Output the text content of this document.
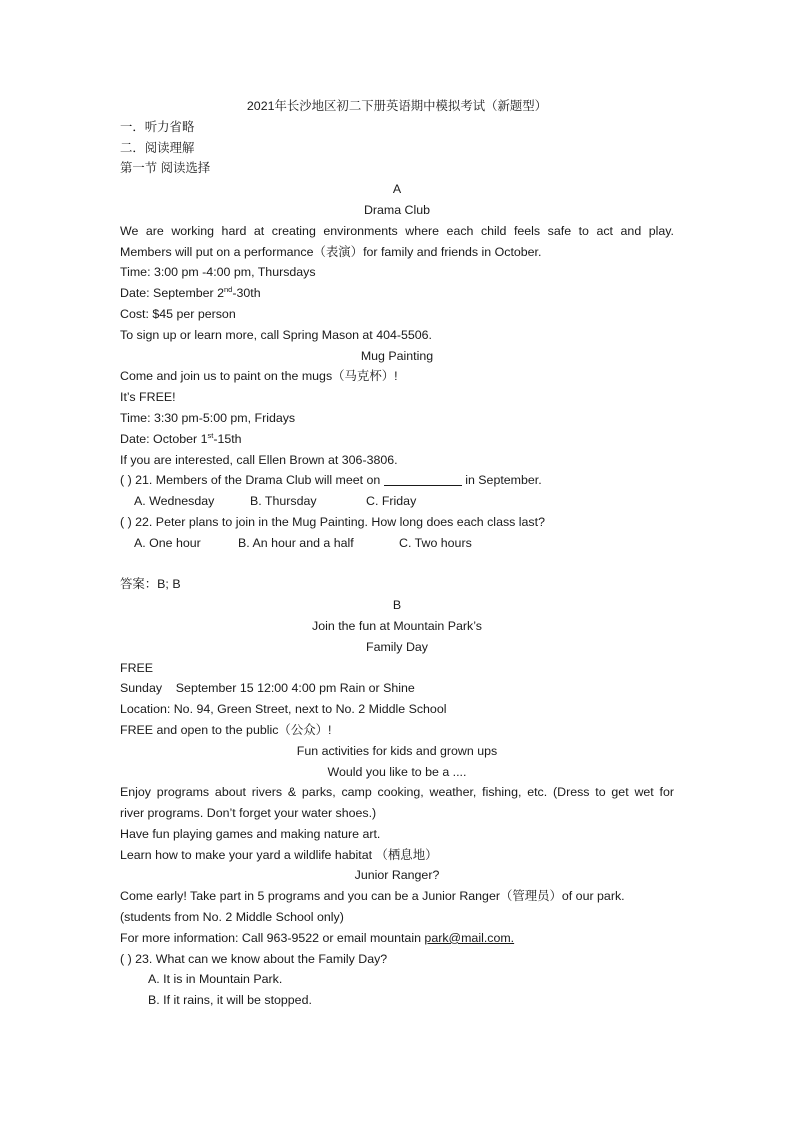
2021年长沙地区初二下册英语期中模拟考试（新题型）
一．听力省略
二．阅读理解
第一节 阅读选择
A
Drama Club
We are working hard at creating environments where each child feels safe to act and play.
Members will put on a performance（表演）for family and friends in October.
Time: 3:00 pm -4:00 pm, Thursdays
Date: September 2nd-30th
Cost: $45 per person
To sign up or learn more, call Spring Mason at 404-5506.
Mug Painting
Come and join us to paint on the mugs（马克杯）!
It’s FREE!
Time: 3:30 pm-5:00 pm, Fridays
Date: October 1st-15th
If you are interested, call Ellen Brown at 306-3806.
( ) 21. Members of the Drama Club will meet on	in September.
A. Wednesday	B. Thursday	C. Friday
( ) 22. Peter plans to join in the Mug Painting. How long does each class last?
A. One hour	B. An hour and a half	C. Two hours
答案：B; B
B
Join the fun at Mountain Park’s
Family Day
FREE
Sunday    September 15 12:00 4:00 pm Rain or Shine
Location: No. 94, Green Street, next to No. 2 Middle School
FREE and open to the public（公众）!
Fun activities for kids and grown ups
Would you like to be a ....
Enjoy programs about rivers & parks, camp cooking, weather, fishing, etc. (Dress to get wet for
river programs. Don’t forget your water shoes.)
Have fun playing games and making nature art.
Learn how to make your yard a wildlife habitat （栖息地）
Junior Ranger?
Come early! Take part in 5 programs and you can be a Junior Ranger（管理员）of our park.
(students from No. 2 Middle School only)
For more information: Call 963-9522 or email mountain park@mail.com.
( ) 23. What can we know about the Family Day?
A. It is in Mountain Park.
B. If it rains, it will be stopped.
